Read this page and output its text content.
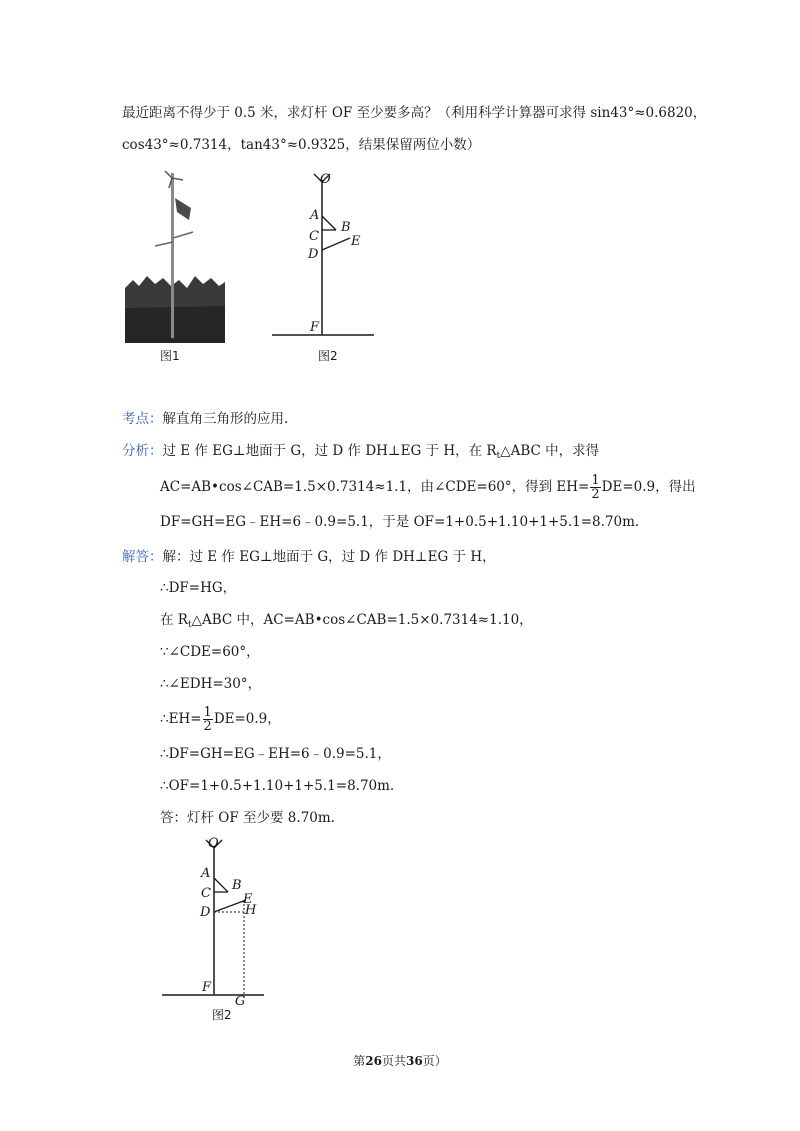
最近距离不得少于 0.5 米，求灯杆 OF 至少要多高？（利用科学计算器可求得 sin43°≈0.6820，
cos43°≈0.7314，tan43°≈0.9325，结果保留两位小数）
图1
O
A
B
C E
D
F
图2
考点：解直角三角形的应用.
分析：过 E 作 EG⊥地面于 G，过 D 作 DH⊥EG 于 H，在 $R_t\triangle ABC$ 中，求得
AC=AB•cos∠CAB=1.5×0.7314≈1.1，由∠CDE=60°，得到 $EH= \frac{1}{2} DE=0.9$，得出
DF=GH=EG﹣EH=6﹣0.9=5.1，于是 OF=1+0.5+1.10+1+5.1=8.70m.
解答：解：过 E 作 EG⊥地面于 G，过 D 作 DH⊥EG 于 H，
∴DF=HG，
在 $R_t\triangle ABC$ 中，AC=AB•cos∠CAB=1.5×0.7314≈1.10，
∵∠CDE=60°，
∴∠EDH=30°，
∴EH= $\frac{1}{2} DE=0.9$，
∴DF=GH=EG﹣EH=6﹣0.9=5.1，
∴OF=1+0.5+1.10+1+5.1=8.70m.
答：灯杆 OF 至少要 8.70m.
O
A
B
C E
H
D
F
G
图2
第26页共36页）
